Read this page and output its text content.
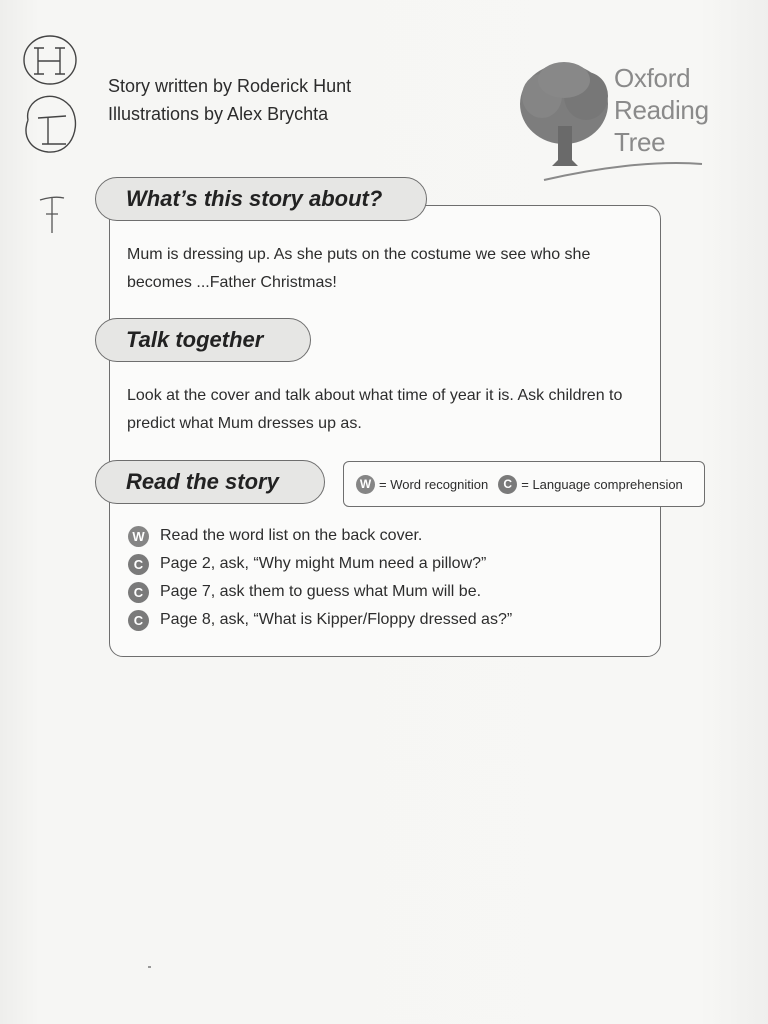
Story written by Roderick Hunt
Illustrations by Alex Brychta
Oxford
Reading
Tree
What’s this story about?
Mum is dressing up. As she puts on the costume we see who she becomes ...Father Christmas!
Talk together
Look at the cover and talk about what time of year it is. Ask children to predict what Mum dresses up as.
Read the story	W = Word recognition	C = Language comprehension
W Read the word list on the back cover.
C	Page 2, ask, “Why might Mum need a pillow?”
C	Page 7, ask them to guess what Mum will be.
C	Page 8, ask, “What is Kipper/Floppy dressed as?”
